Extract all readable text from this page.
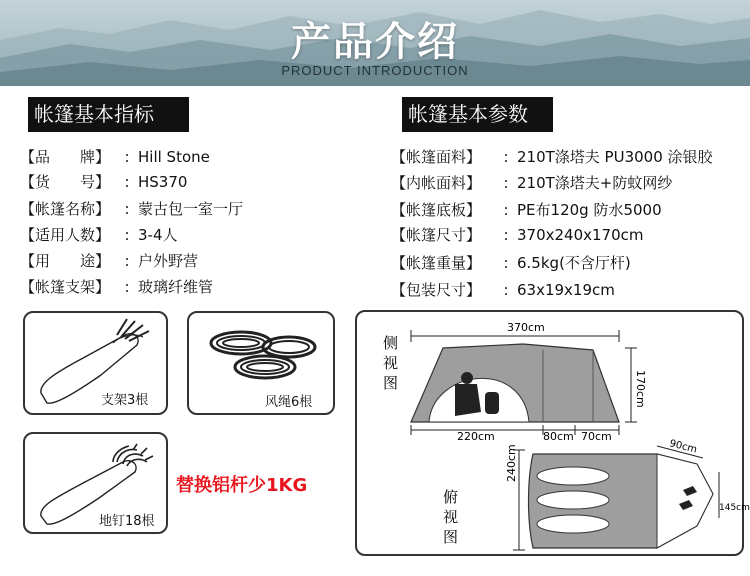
产品介绍
PRODUCT INTRODUCTION
帐篷基本指标	帐篷基本参数
【品　　牌】 : Hill Stone
【货　　号】 : HS370
【帐篷名称】 : 蒙古包一室一厅
【适用人数】 : 3-4人
【用　　途】 : 户外野营
【帐篷支架】 : 玻璃纤维管
【帐篷面料】 : 210T涤塔夫 PU3000 涂银胶
【内帐面料】 : 210T涤塔夫+防蚊网纱
【帐篷底板】 : PE布120g 防水5000
【帐篷尺寸】 : 370x240x170cm
【帐篷重量】 : 6.5kg(不含厅杆)
【包装尺寸】 : 63x19x19cm
支架3根	风绳6根
地钉18根
替换铝杆少1KG
侧
视
图
俯
视
图
370cm
170cm
220cm	80cm 70cm
240cm	90cm
145cm
